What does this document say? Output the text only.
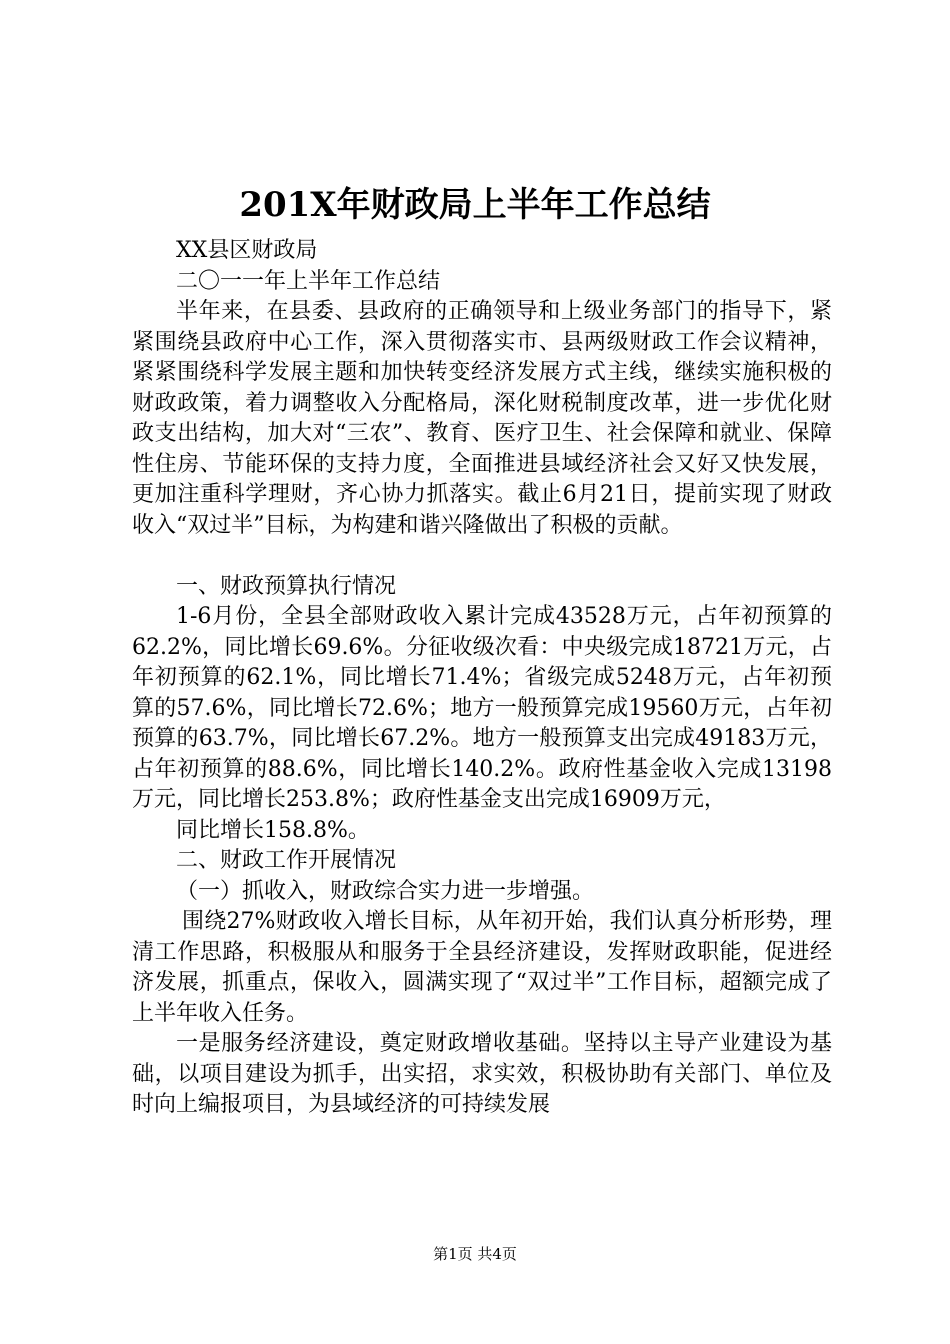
201X年财政局上半年工作总结

XX县区财政局

二〇一一年上半年工作总结

半年来，在县委、县政府的正确领导和上级业务部门的指导下，紧紧围绕县政府中心工作，深入贯彻落实市、县两级财政工作会议精神，紧紧围绕科学发展主题和加快转变经济发展方式主线，继续实施积极的财政政策，着力调整收入分配格局，深化财税制度改革，进一步优化财政支出结构，加大对“三农”、教育、医疗卫生、社会保障和就业、保障性住房、节能环保的支持力度，全面推进县域经济社会又好又快发展，更加注重科学理财，齐心协力抓落实。截止6月21日，提前实现了财政收入“双过半”目标，为构建和谐兴隆做出了积极的贡献。

一、财政预算执行情况

1-6月份，全县全部财政收入累计完成43528万元，占年初预算的62.2%，同比增长69.6%。分征收级次看：中央级完成18721万元，占年初预算的62.1%，同比增长71.4%；省级完成5248万元，占年初预算的57.6%，同比增长72.6%；地方一般预算完成19560万元，占年初预算的63.7%，同比增长67.2%。地方一般预算支出完成49183万元，占年初预算的88.6%，同比增长140.2%。政府性基金收入完成13198万元，同比增长253.8%；政府性基金支出完成16909万元，

同比增长158.8%。

二、财政工作开展情况

（一）抓收入，财政综合实力进一步增强。

围绕27%财政收入增长目标，从年初开始，我们认真分析形势，理清工作思路，积极服从和服务于全县经济建设，发挥财政职能，促进经济发展，抓重点，保收入，圆满实现了“双过半”工作目标，超额完成了上半年收入任务。

一是服务经济建设，奠定财政增收基础。坚持以主导产业建设为基础，以项目建设为抓手，出实招，求实效，积极协助有关部门、单位及时向上编报项目，为县域经济的可持续发展

第1页 共4页
